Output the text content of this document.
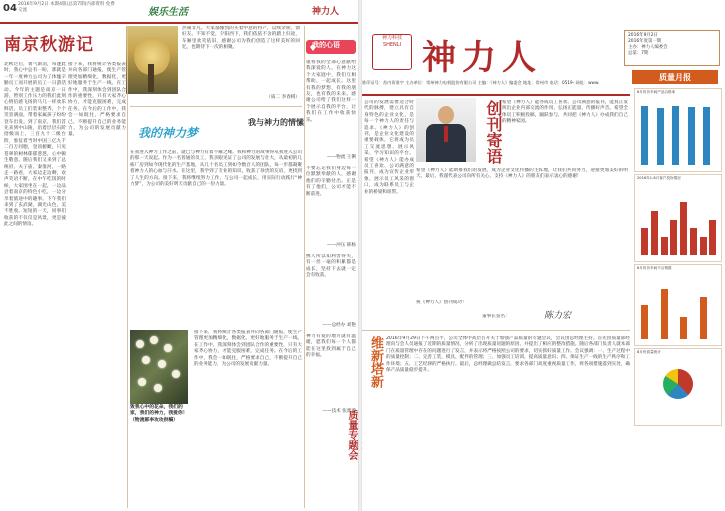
04 2016年9月2日 本期4版(总第7期)内部资料 免费交流	娱乐生活	神力人
南京秋游记
北秋过后，暑气渐消，每逢此时，我心中总有一盼，那就是一年一度神力公司为了体恤辛勤员工而开展的员工一日游活动。今年的主题是南京一日游，暂别工作压力的我们此刻心情倍感飞扬的马儿一样欢乐鲜活，员工们装束整齐，个个笑容满面，带着家属孩子纷纷登车出发。到了南京，我们首先来到中山陵，沿着层层石阶拾级而上，三百九十二级台阶，象征着当时中国三亿九千二百万同胞，登顶俯瞰，只见苍翠的树林郁郁葱葱，心中顿生敬意。随后我们又来到了总统府、夫子庙、秦淮河，一路走一路看，大家边走边聊，欢声笑语不断。在中午吃饭的时候，大家围坐在一起，一边品尝着南京的特色小吃，一边分享着旅途中的趣事。下午我们来到了玄武湖，湖光山色，美不胜收。短短的一天，同事们收获的不仅仅是风景，更是彼此之间的情谊。
接下来，我将统计各类报表并向各部门通报，使生产管理更加精细化，数据化，更好地服务于生产一线。在工作中，我深刻体会到团队合作的重要性，只有大家齐心协力，才能克服困难，完成任务。在今后的工作中，我会一如既往，严格要求自己，不断提升自己的业务能力，为公司的发展贡献力量。
热闹非凡。大家都懂凯的买着中意的特产，以续亲朋，馈好友。不知不觉，夕阳西下，我们依依不舍的踏上归途，车厢里欢笑依旧，感谢公司为我们创造了这样美好的回忆，也期待下一次的相聚。
（质二 李春棋）
我的神力梦
我与神力的情愫
在我进入神力工作之前，就已与神力有着不解之缘。我和神力的故事得从我进入公司的那一天说起。作为一名普通的员工，我亲眼见证了公司的发展与壮大，从最初的几栋厂房到如今现代化的生产基地，从几十名员工到如今数百人的团队，每一步都凝聚着神力人的心血与汗水。在这里，我学到了专业的知识，收获了珍贵的友谊，更找到了人生的方向。接下来，我将继续努力工作，与公司一起成长，用实际行动践行“神力梦”，为公司的美好明天贡献自己的一份力量。
致我心中的花朵，我们的家，我们的神力，我爱你！（物流部李攻攻供稿）
接下来，我将统计各类报表并向各部门通报，使生产管理更加精细化，数据化，更好地服务于生产一线。在工作中，我深刻体会到团队合作的重要性，只有大家齐心协力，才能克服困难，完成任务。在今后的工作中，我会一如既往，严格要求自己，不断提升自己的业务能力，为公司的发展贡献力量。
我的心语
谨将我的全部心意献给我深爱的人。在神力这个大家庭中，我们互相帮助，一起成长。这里有我的梦想，有我的朋友，也有我的未来。感谢公司给了我们这样一个展示自我的平台，让我们在工作中收获快乐。
——物流 王俐
不要忘记我们身边每一位默默奉献的人，感谢他们的辛勤付出。正是有了他们，公司才能不断前进。
——冲压 韩杨
携人所以知利害得失，有一丝一毫的积累都是成长，坚持下去就一定会有收获。
——总经办 刘艳
神力有爱的地方就有温暖，愿我们每一个人都能在这里找到属于自己的幸福。
——技术 张蕾蕾
质量专题会
神力科技 SHENLI 神力人
准印证号：苏内资准字 主办单位：常州神力电机股份有限公司 主编：《神力人》编委会 地址：常州市 电话：0519- 网址：www.
2016年9月2日
2016年度第一期
主办：神力人编委会
总第：7期
质量月报
创刊寄语
公司的发展需要适合时代的脉搏，建立具有自身特色的企业文化，是每一个神力人的责任与追求。《神力人》的创刊，是企业文化建设的重要载体，它将成为员工交流思想、展示风采、学习知识的平台。希望《神力人》能办成员工喜欢、公司满意的报刊，成为宣传企业形象、展示员工风采的窗口，成为联系员工与企业的桥梁和纽带。
希望《神力人》能办成员工喜欢、公司满意的报刊，能真正发挥出企业内部交流的作用，弘扬正能量，传播好声音。希望全体员工积极投稿，踊跃参与，共同把《神力人》办成我们自己的精神家园。
希望《神力人》能助推我们的发展，成为企业文化传播的主阵地，让我们共同努力，迎接更加美好的明天。最后，我谨代表公司向所有关心、支持《神力人》的朋友们表示衷心的感谢！
祝《神力人》创刊成功！
董事长签名：	陈力宏
维新塔新 2016年9月29日下午两点半，公司全体中高层召开关于加强产品质量的专题会议，会议由总经理主持。首先由质量部经理向与会人员通报了近期的质量情况，分析了出现质量问题的原因，并提出了相应的整改措施。随后各部门负责人就本部门在质量管理中存在的问题进行了发言，并表示将严格按照公司的要求，切实抓好质量工作。会议强调：一、生产过程中的质量控制；二、完善工装、模具、配件的管理；三、加强员工培训，提高质量意识；四、保证生产一线的生产秩序和工作环境；五、工艺纪律的严格执行。最后，总经理做总结发言，要求各部门高度重视质量工作，将各项措施落到实处，确保产品质量稳步提升。
8月份各车间产品合格率
2016年1-8月客户投诉情况
8月份各车间不合格数
8月份质量统计
